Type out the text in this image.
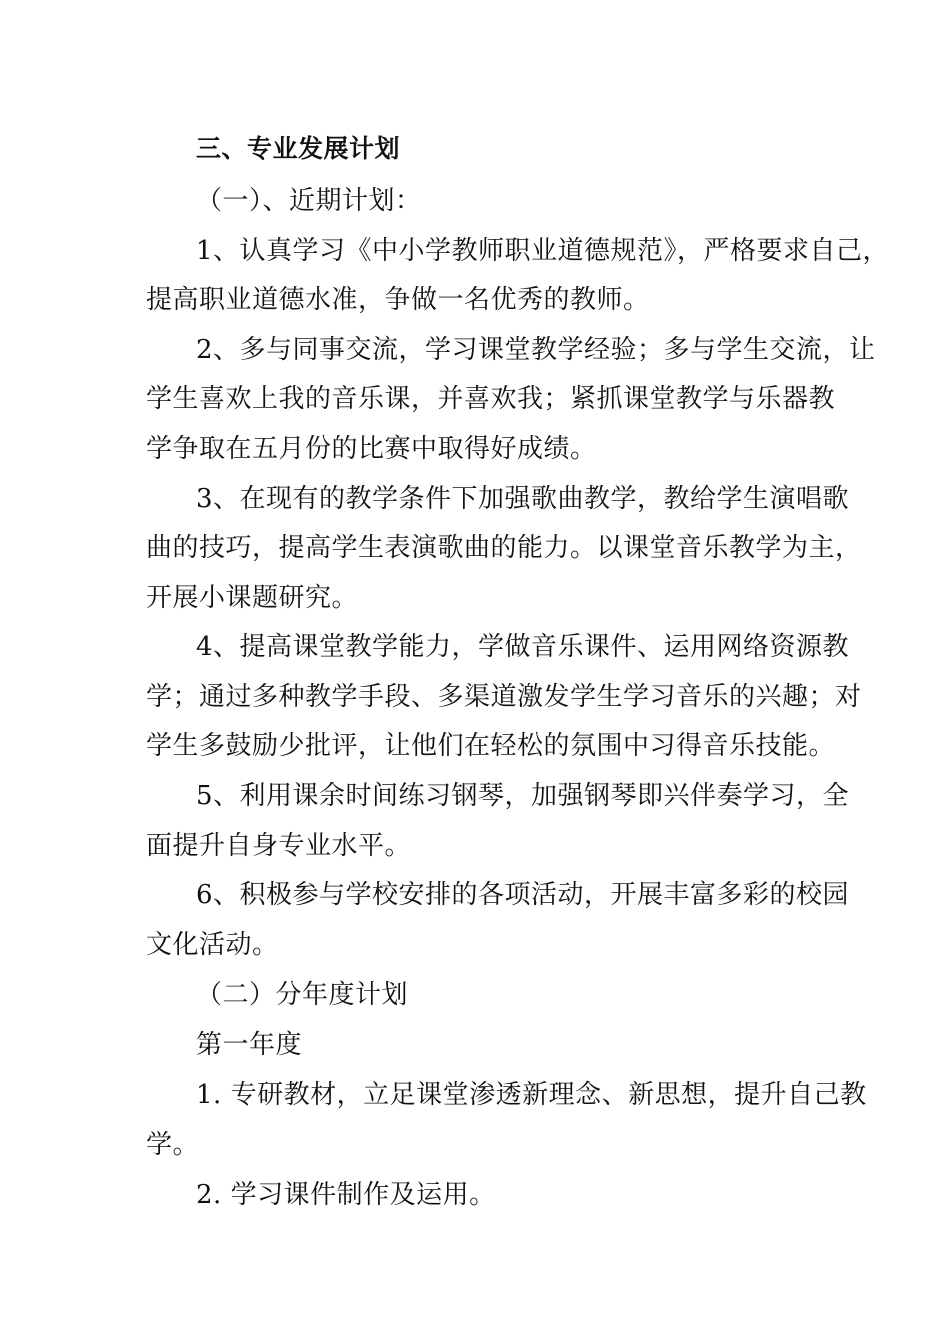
三、专业发展计划
（一）、近期计划：
1、认真学习《中小学教师职业道德规范》，严格要求自己，
提高职业道德水准，争做一名优秀的教师。
2、多与同事交流，学习课堂教学经验；多与学生交流，让
学生喜欢上我的音乐课，并喜欢我；紧抓课堂教学与乐器教
学争取在五月份的比赛中取得好成绩。
3、在现有的教学条件下加强歌曲教学，教给学生演唱歌
曲的技巧，提高学生表演歌曲的能力。以课堂音乐教学为主，
开展小课题研究。
4、提高课堂教学能力，学做音乐课件、运用网络资源教
学；通过多种教学手段、多渠道激发学生学习音乐的兴趣；对
学生多鼓励少批评，让他们在轻松的氛围中习得音乐技能。
5、利用课余时间练习钢琴，加强钢琴即兴伴奏学习，全
面提升自身专业水平。
6、积极参与学校安排的各项活动，开展丰富多彩的校园
文化活动。
（二）分年度计划
第一年度
1. 专研教材，立足课堂渗透新理念、新思想，提升自己教
学。
2. 学习课件制作及运用。
